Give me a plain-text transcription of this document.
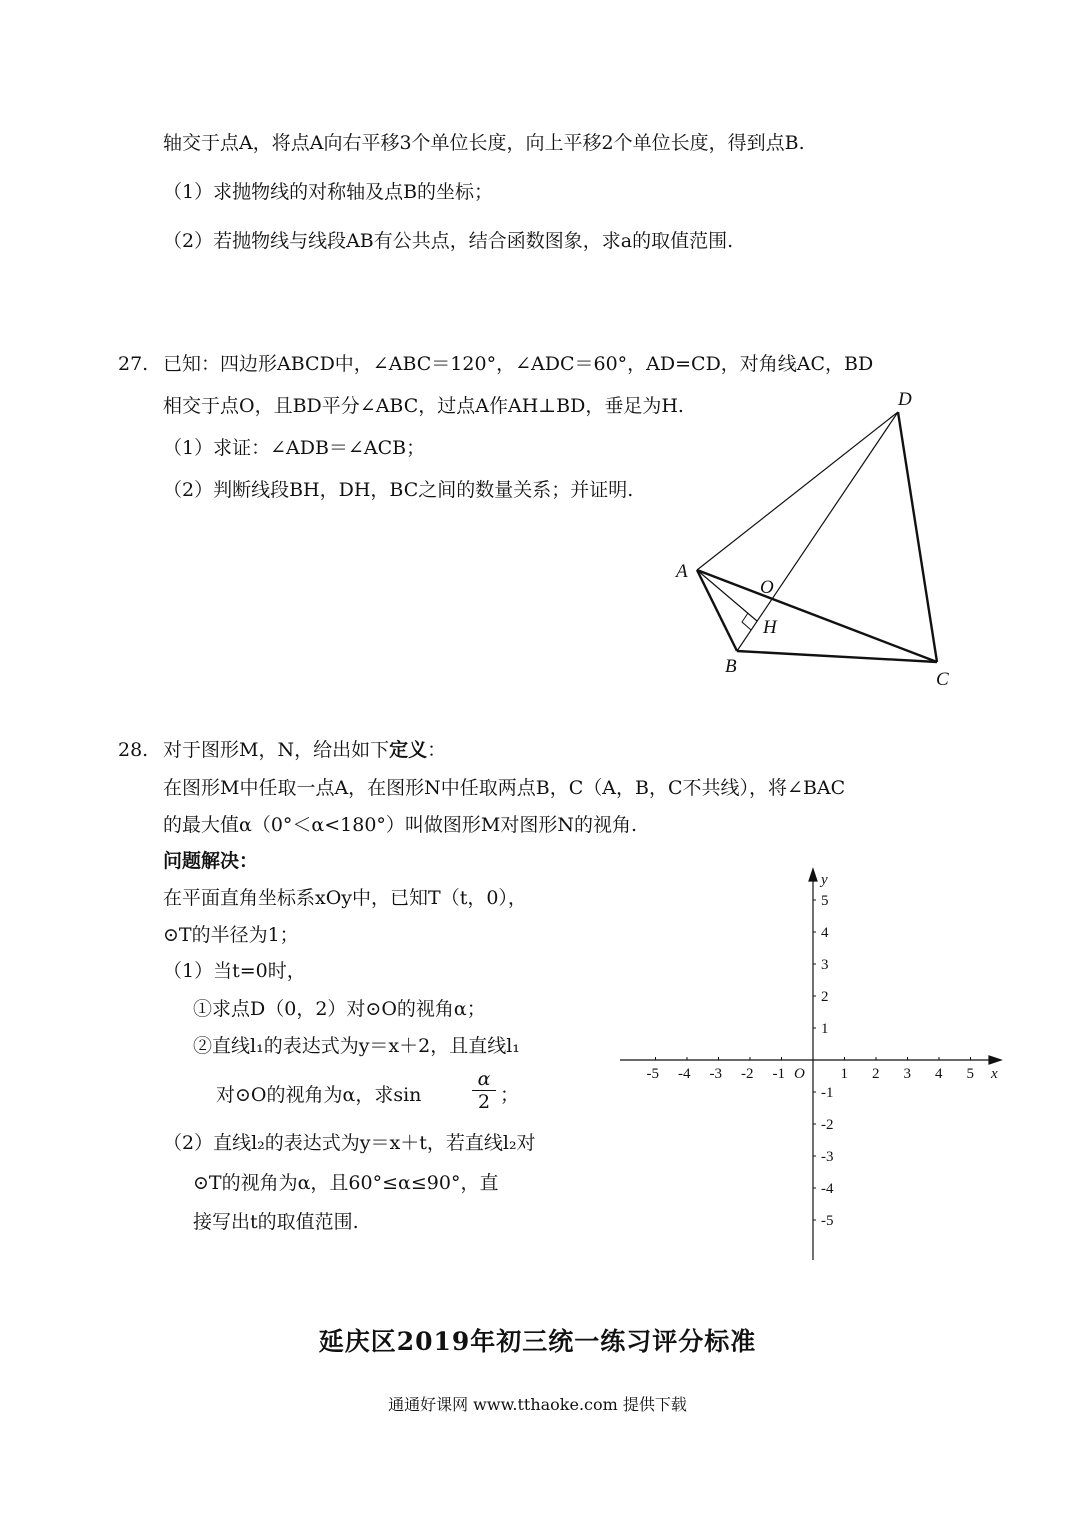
轴交于点A，将点A向右平移3个单位长度，向上平移2个单位长度，得到点B.
（1）求抛物线的对称轴及点B的坐标；
（2）若抛物线与线段AB有公共点，结合函数图象，求a的取值范围.
27. 已知：四边形ABCD中，∠ABC＝120°，∠ADC＝60°，AD=CD，对角线AC，BD
相交于点O，且BD平分∠ABC，过点A作AH⊥BD，垂足为H.
（1）求证：∠ADB＝∠ACB；
（2）判断线段BH，DH，BC之间的数量关系；并证明.
A
B
C
D
O
H
28. 对于图形M，N，给出如下定义：
在图形M中任取一点A，在图形N中任取两点B，C（A，B，C不共线），将∠BAC
的最大值α（0°＜α<180°）叫做图形M对图形N的视角.
问题解决：
在平面直角坐标系xOy中，已知T（t，0），
⊙T的半径为1；
（1）当t=0时，
①求点D（0，2）对⊙O的视角α；
②直线l₁的表达式为y＝x＋2，且直线l₁
对⊙O的视角为α，求sin	$\frac{\alpha}{2}$ ；
（2）直线l₂的表达式为y＝x＋t，若直线l₂对
⊙T的视角为α，且60°≤α≤90°，直
接写出t的取值范围.
x
y
O
-5 -4 -3 -2 -1	1 2 3 4 5
5
4
3
2
1
-1
-2
-3
-4
-5
延庆区2019年初三统一练习评分标准
通通好课网 www.tthaoke.com 提供下载
